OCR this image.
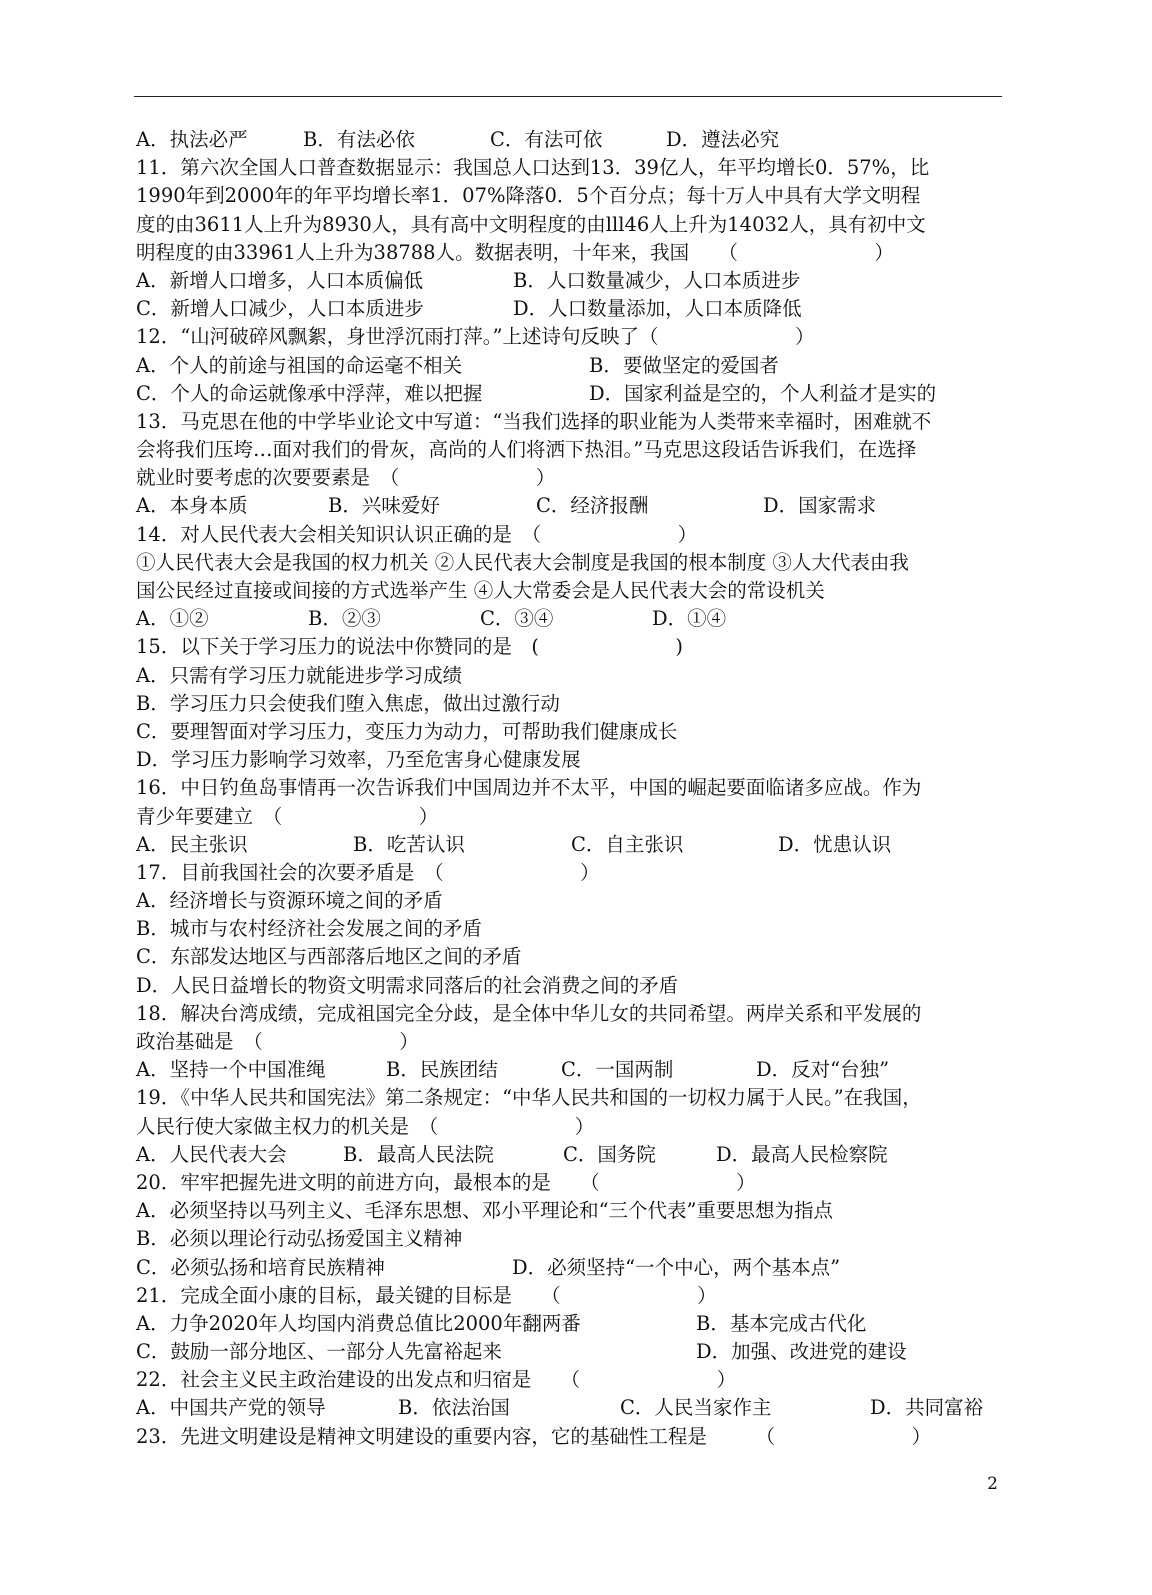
A．执法必严	B．有法必依	C．有法可依	D．遵法必究
11．第六次全国人口普查数据显示：我国总人口达到13．39亿人，年平均增长0．57%，比
1990年到2000年的年平均增长率1．07%降落0．5个百分点；每十万人中具有大学文明程
度的由3611人上升为8930人，具有高中文明程度的由lll46人上升为14032人，具有初中文
明程度的由33961人上升为38788人。数据表明，十年来，我国　　（　　　　　　　）
A．新增人口增多，人口本质偏低	B．人口数量减少，人口本质进步
C．新增人口减少，人口本质进步	D．人口数量添加，人口本质降低
12．“山河破碎风飘絮，身世浮沉雨打萍。”上述诗句反映了（　　　　　　　）
A．个人的前途与祖国的命运毫不相关	B．要做坚定的爱国者
C．个人的命运就像承中浮萍，难以把握	D．国家利益是空的，个人利益才是实的
13．马克思在他的中学毕业论文中写道：“当我们选择的职业能为人类带来幸福时，困难就不
会将我们压垮…面对我们的骨灰，高尚的人们将洒下热泪。”马克思这段话告诉我们，在选择
就业时要考虑的次要要素是　（　　　　　　　）
A．本身本质	B．兴味爱好	C．经济报酬	D．国家需求
14．对人民代表大会相关知识认识正确的是　（　　　　　　　）
①人民代表大会是我国的权力机关 ②人民代表大会制度是我国的根本制度 ③人大代表由我
国公民经过直接或间接的方式选举产生 ④人大常委会是人民代表大会的常设机关
A．①②	B．②③	C．③④	D．①④
15．以下关于学习压力的说法中你赞同的是　(　　　　　　　)
A．只需有学习压力就能进步学习成绩
B．学习压力只会使我们堕入焦虑，做出过激行动
C．要理智面对学习压力，变压力为动力，可帮助我们健康成长
D．学习压力影响学习效率，乃至危害身心健康发展
16．中日钓鱼岛事情再一次告诉我们中国周边并不太平，中国的崛起要面临诸多应战。作为
青少年要建立　（　　　　　　　）
A．民主张识	B．吃苦认识	C．自主张识	D．忧患认识
17．目前我国社会的次要矛盾是　（　　　　　　　）
A．经济增长与资源环境之间的矛盾
B．城市与农村经济社会发展之间的矛盾
C．东部发达地区与西部落后地区之间的矛盾
D．人民日益增长的物资文明需求同落后的社会消费之间的矛盾
18．解决台湾成绩，完成祖国完全分歧，是全体中华儿女的共同希望。两岸关系和平发展的
政治基础是　（　　　　　　　）
A．坚持一个中国准绳	B．民族团结	C．一国两制	D．反对“台独”
19．《中华人民共和国宪法》第二条规定：“中华人民共和国的一切权力属于人民。”在我国，
人民行使大家做主权力的机关是　（　　　　　　　）
A．人民代表大会	B．最高人民法院	C．国务院	D．最高人民检察院
20．牢牢把握先进文明的前进方向，最根本的是　　（　　　　　　　）
A．必须坚持以马列主义、毛泽东思想、邓小平理论和“三个代表”重要思想为指点
B．必须以理论行动弘扬爱国主义精神
C．必须弘扬和培育民族精神	D．必须坚持“一个中心，两个基本点”
21．完成全面小康的目标，最关键的目标是　　（　　　　　　　）
A．力争2020年人均国内消费总值比2000年翻两番	B．基本完成古代化
C．鼓励一部分地区、一部分人先富裕起来	D．加强、改进党的建设
22．社会主义民主政治建设的出发点和归宿是　　（　　　　　　　）
A．中国共产党的领导	B．依法治国	C．人民当家作主	D．共同富裕
23．先进文明建设是精神文明建设的重要内容，它的基础性工程是　　　（　　　　　　　）
2
